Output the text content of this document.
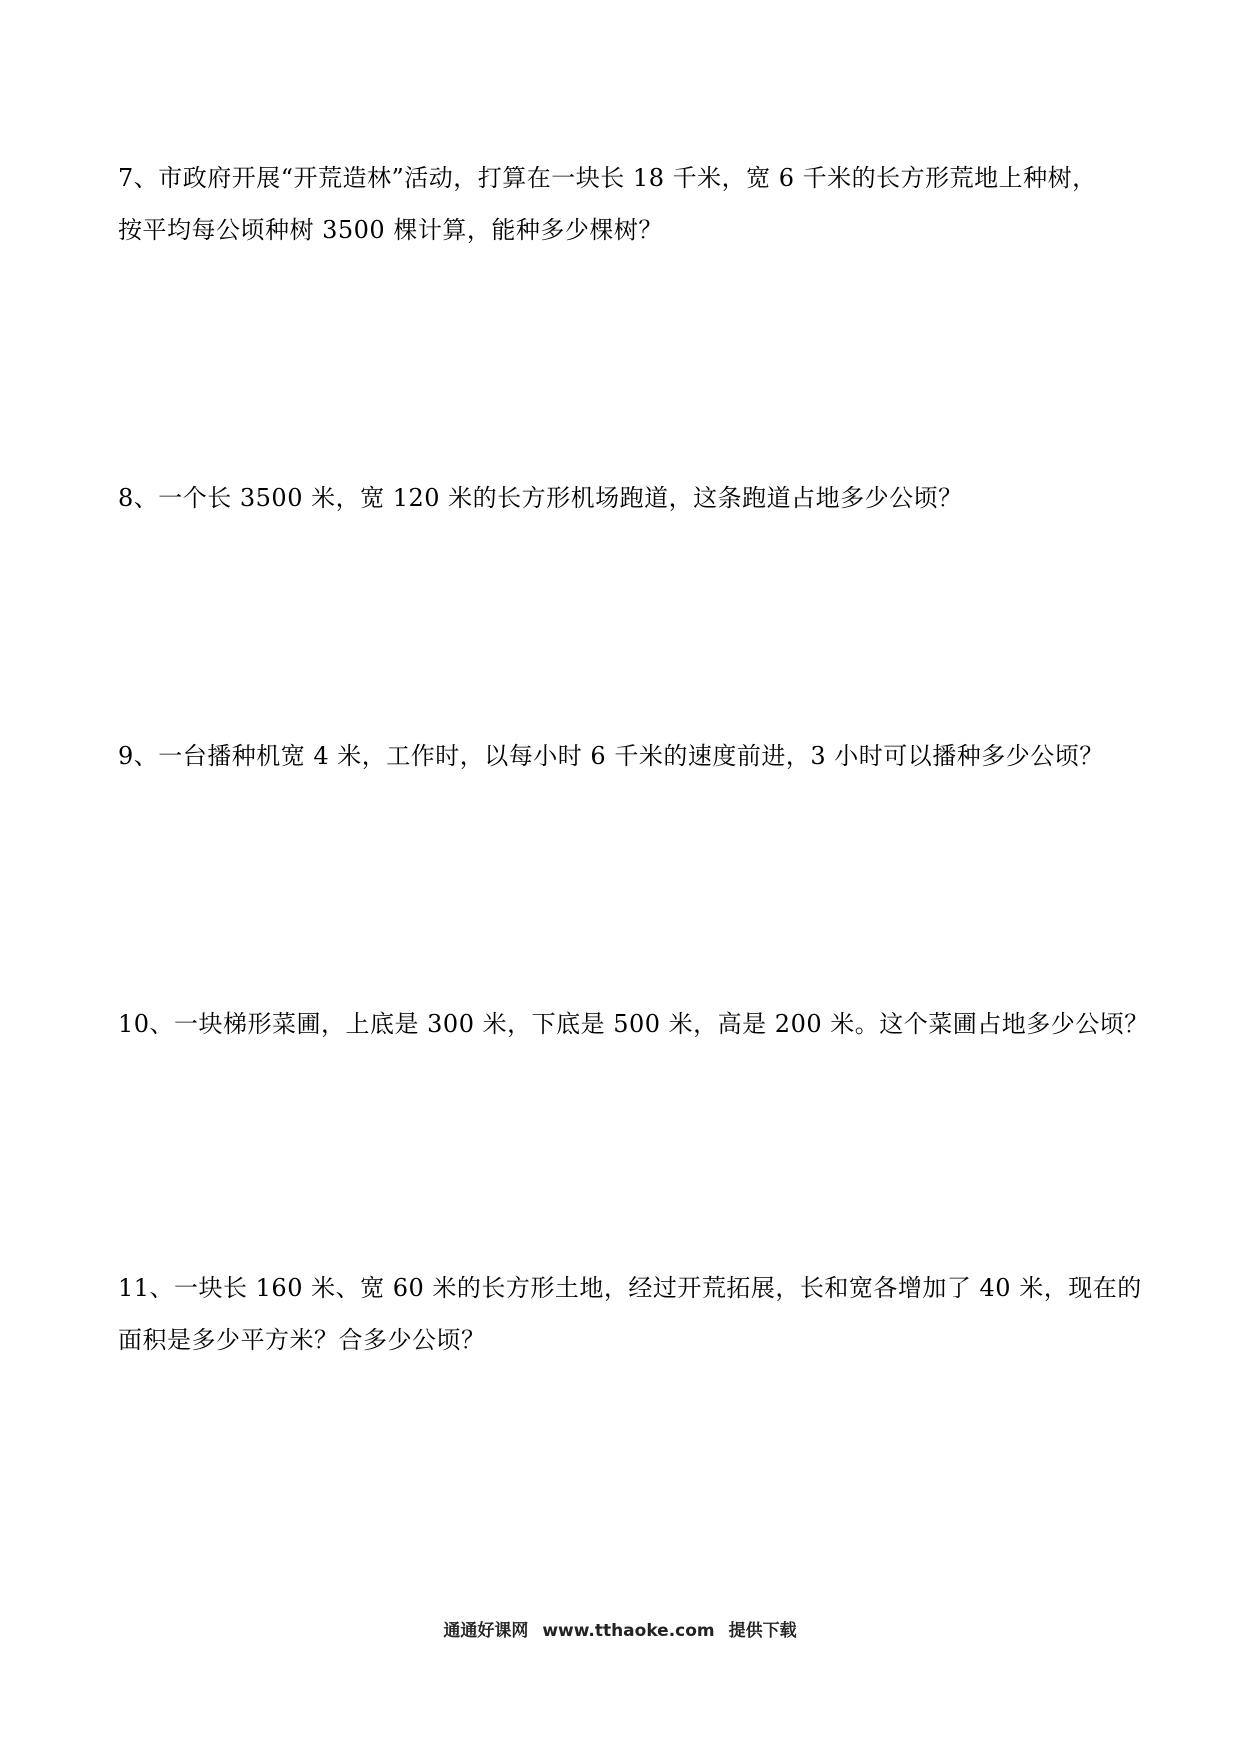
7、市政府开展“开荒造林”活动，打算在一块长 18 千米，宽 6 千米的长方形荒地上种树，
按平均每公顷种树 3500 棵计算，能种多少棵树？
8、一个长 3500 米，宽 120 米的长方形机场跑道，这条跑道占地多少公顷？
9、一台播种机宽 4 米，工作时，以每小时 6 千米的速度前进，3 小时可以播种多少公顷？
10、一块梯形菜圃，上底是 300 米，下底是 500 米，高是 200 米。这个菜圃占地多少公顷？
11、一块长 160 米、宽 60 米的长方形土地，经过开荒拓展，长和宽各增加了 40 米，现在的
面积是多少平方米？合多少公顷？
通通好课网 www.tthaoke.com 提供下载
